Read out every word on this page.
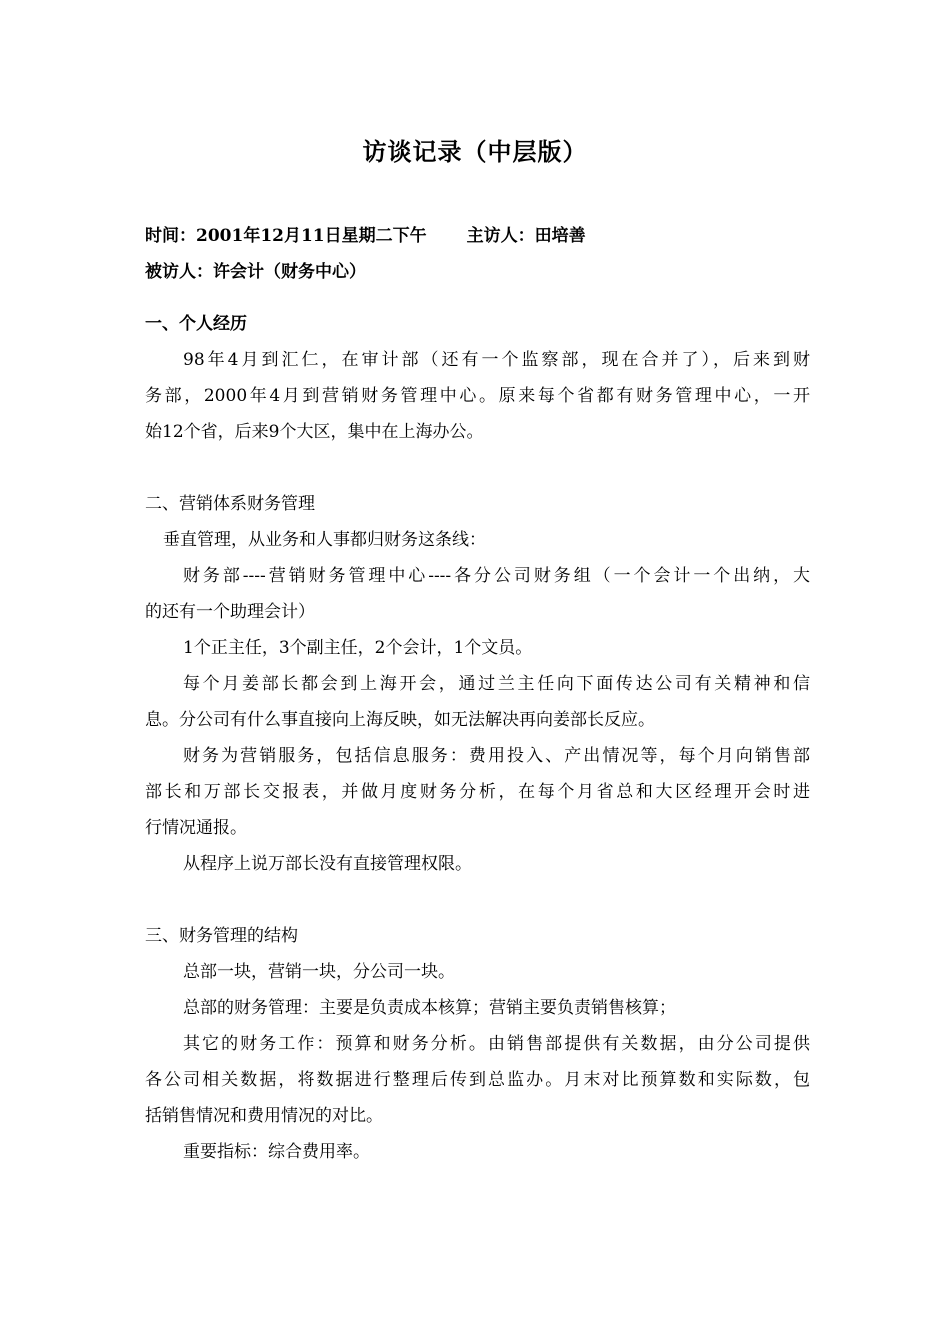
访谈记录（中层版）
时间：2001年12月11日星期二下午 主访人：田培善
被访人：许会计（财务中心）
一、个人经历
98年4月到汇仁，在审计部（还有一个监察部，现在合并了），后来到财
务部，2000年4月到营销财务管理中心。原来每个省都有财务管理中心，一开
始12个省，后来9个大区，集中在上海办公。
二、营销体系财务管理
垂直管理，从业务和人事都归财务这条线：
财务部----营销财务管理中心----各分公司财务组（一个会计一个出纳，大
的还有一个助理会计）
1个正主任，3个副主任，2个会计，1个文员。
每个月姜部长都会到上海开会，通过兰主任向下面传达公司有关精神和信
息。分公司有什么事直接向上海反映，如无法解决再向姜部长反应。
财务为营销服务，包括信息服务：费用投入、产出情况等，每个月向销售部
部长和万部长交报表，并做月度财务分析，在每个月省总和大区经理开会时进
行情况通报。
从程序上说万部长没有直接管理权限。
三、财务管理的结构
总部一块，营销一块，分公司一块。
总部的财务管理：主要是负责成本核算；营销主要负责销售核算；
其它的财务工作：预算和财务分析。由销售部提供有关数据，由分公司提供
各公司相关数据，将数据进行整理后传到总监办。月末对比预算数和实际数，包
括销售情况和费用情况的对比。
重要指标：综合费用率。
